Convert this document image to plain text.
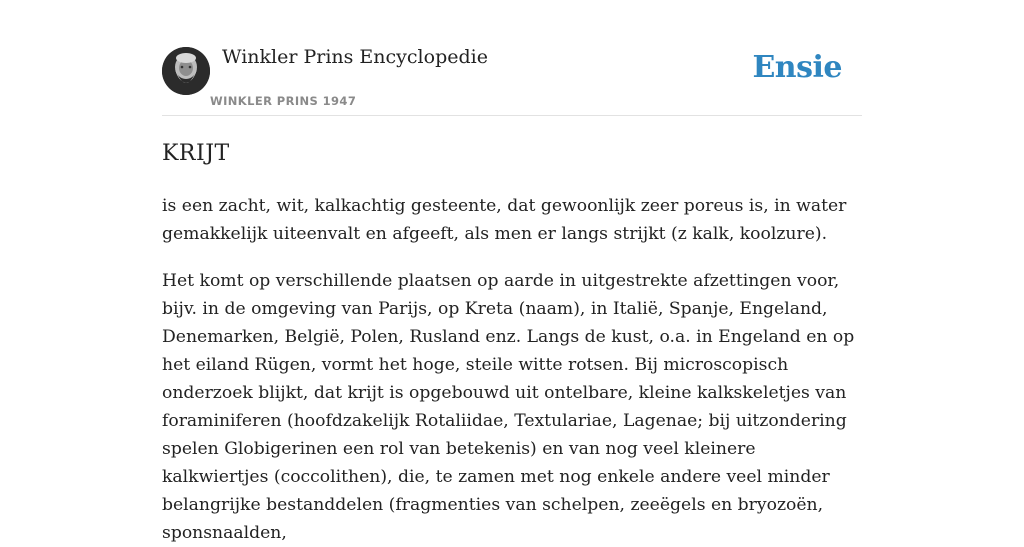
Winkler Prins Encyclopedie
WINKLER PRINS 1947
Ensie
KRIJT

is een zacht, wit, kalkachtig gesteente, dat gewoonlijk zeer poreus is, in water gemakkelijk uiteenvalt en afgeeft, als men er langs strijkt (z kalk, koolzure).

Het komt op verschillende plaatsen op aarde in uitgestrekte afzettingen voor, bijv. in de omgeving van Parijs, op Kreta (naam), in Italië, Spanje, Engeland, Denemarken, België, Polen, Rusland enz. Langs de kust, o.a. in Engeland en op het eiland Rügen, vormt het hoge, steile witte rotsen. Bij microscopisch onderzoek blijkt, dat krijt is opgebouwd uit ontelbare, kleine kalkskeletjes van foraminiferen (hoofdzakelijk Rotaliidae, Textulariae, Lagenae; bij uitzondering spelen Globigerinen een rol van betekenis) en van nog veel kleinere kalkwiertjes (coccolithen), die, te zamen met nog enkele andere veel minder belangrijke bestanddelen (fragmenties van schelpen, zeeëgels en bryozoën, sponsnaalden,
